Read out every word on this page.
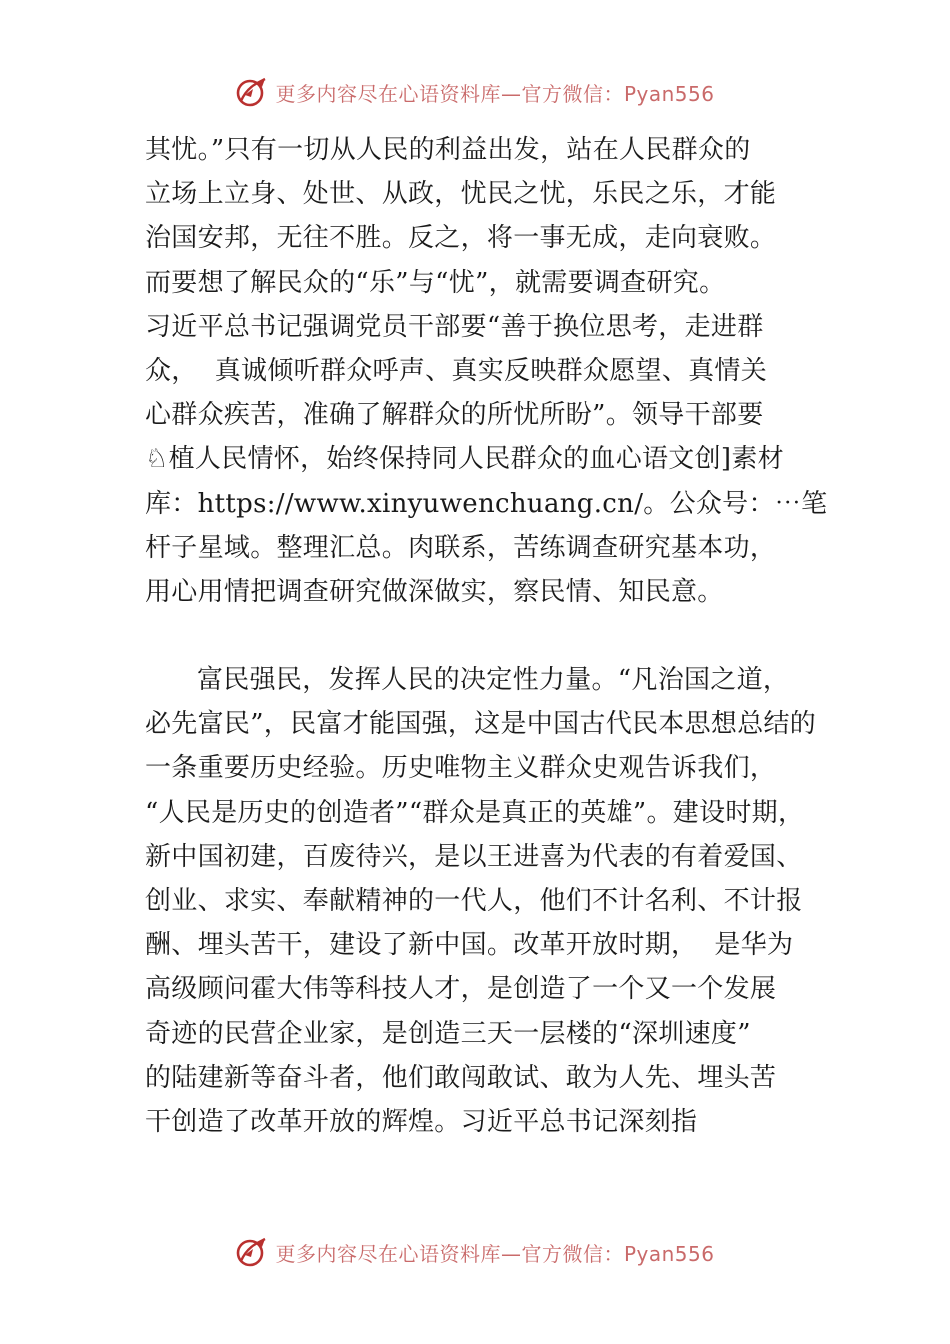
更多内容尽在心语资料库—官方微信：Pyan556
其忧。”只有一切从人民的利益出发，站在人民群众的
立场上立身、处世、从政，忧民之忧，乐民之乐，才能
治国安邦，无往不胜。反之，将一事无成，走向衰败。
而要想了解民众的“乐”与“忧”，就需要调查研究。
习近平总书记强调党员干部要“善于换位思考，走进群
众，  真诚倾听群众呼声、真实反映群众愿望、真情关
心群众疾苦，准确了解群众的所忧所盼”。领导干部要
♘植人民情怀，始终保持同人民群众的血心语文创]素材
库：https://www.xinyuwenchuang.cn/。公众号：⋯笔
杆子星域。整理汇总。肉联系，苦练调查研究基本功，
用心用情把调查研究做深做实，察民情、知民意。
富民强民，发挥人民的决定性力量。“凡治国之道，
必先富民”，民富才能国强，这是中国古代民本思想总结的
一条重要历史经验。历史唯物主义群众史观告诉我们，
“人民是历史的创造者”“群众是真正的英雄”。建设时期，
新中国初建，百废待兴，是以王进喜为代表的有着爱国、
创业、求实、奉献精神的一代人，他们不计名利、不计报
酬、埋头苦干，建设了新中国。改革开放时期，  是华为
高级顾问霍大伟等科技人才，是创造了一个又一个发展
奇迹的民营企业家，是创造三天一层楼的“深圳速度”
的陆建新等奋斗者，他们敢闯敢试、敢为人先、埋头苦
干创造了改革开放的辉煌。习近平总书记深刻指
更多内容尽在心语资料库—官方微信：Pyan556
